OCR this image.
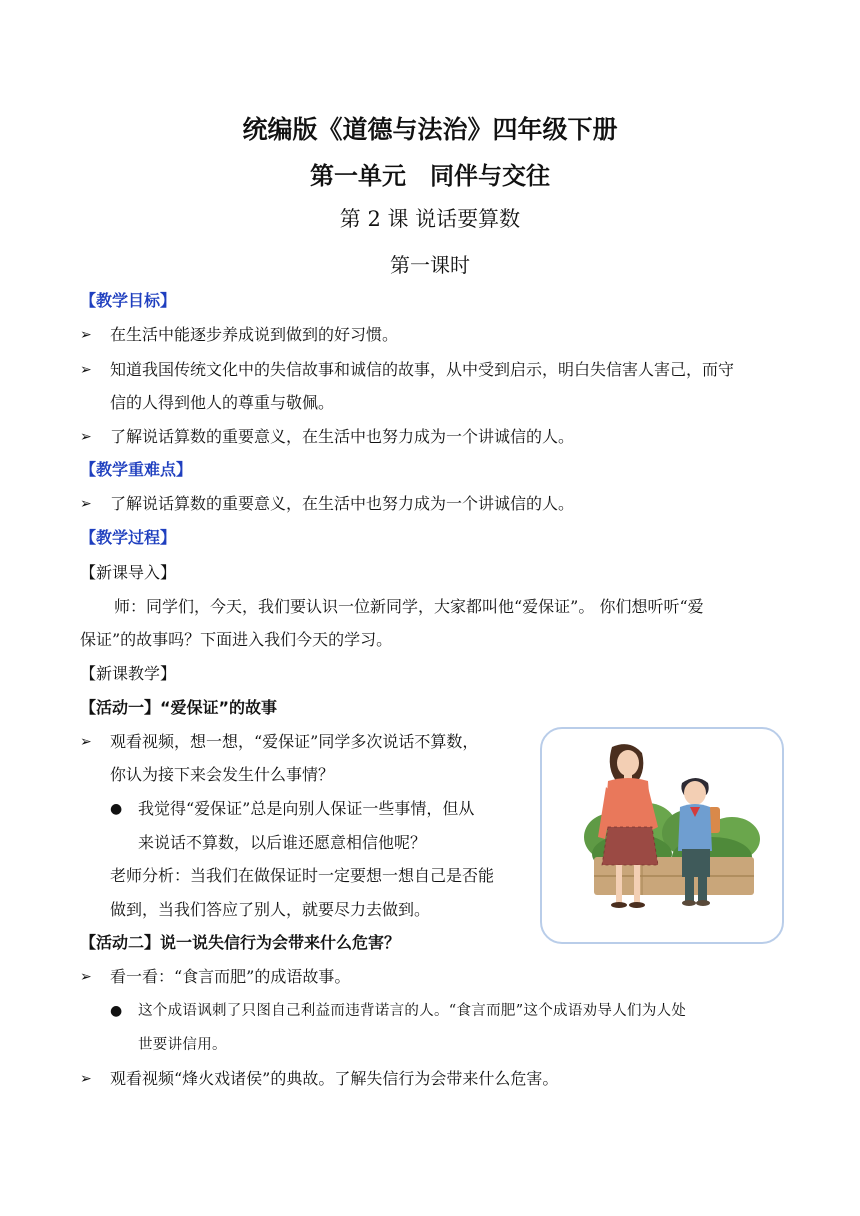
统编版《道德与法治》四年级下册
第一单元　同伴与交往
第 2 课 说话要算数
第一课时
【教学目标】
➢ 在生活中能逐步养成说到做到的好习惯。
➢ 知道我国传统文化中的失信故事和诚信的故事，从中受到启示，明白失信害人害己，而守
信的人得到他人的尊重与敬佩。
➢ 了解说话算数的重要意义，在生活中也努力成为一个讲诚信的人。
【教学重难点】
➢ 了解说话算数的重要意义，在生活中也努力成为一个讲诚信的人。
【教学过程】
【新课导入】
师：同学们，今天，我们要认识一位新同学，大家都叫他“爱保证”。 你们想听听“爱
保证”的故事吗？下面进入我们今天的学习。
【新课教学】
【活动一】“爱保证”的故事
➢ 观看视频，想一想，“爱保证”同学多次说话不算数，
你认为接下来会发生什么事情？
● 我觉得“爱保证”总是向别人保证一些事情，但从
来说话不算数，以后谁还愿意相信他呢？
老师分析：当我们在做保证时一定要想一想自己是否能
做到，当我们答应了别人，就要尽力去做到。
【活动二】说一说失信行为会带来什么危害？
➢ 看一看：“食言而肥”的成语故事。
● 这个成语讽刺了只图自己利益而违背诺言的人。“食言而肥”这个成语劝导人们为人处
世要讲信用。
➢ 观看视频“烽火戏诸侯”的典故。了解失信行为会带来什么危害。
